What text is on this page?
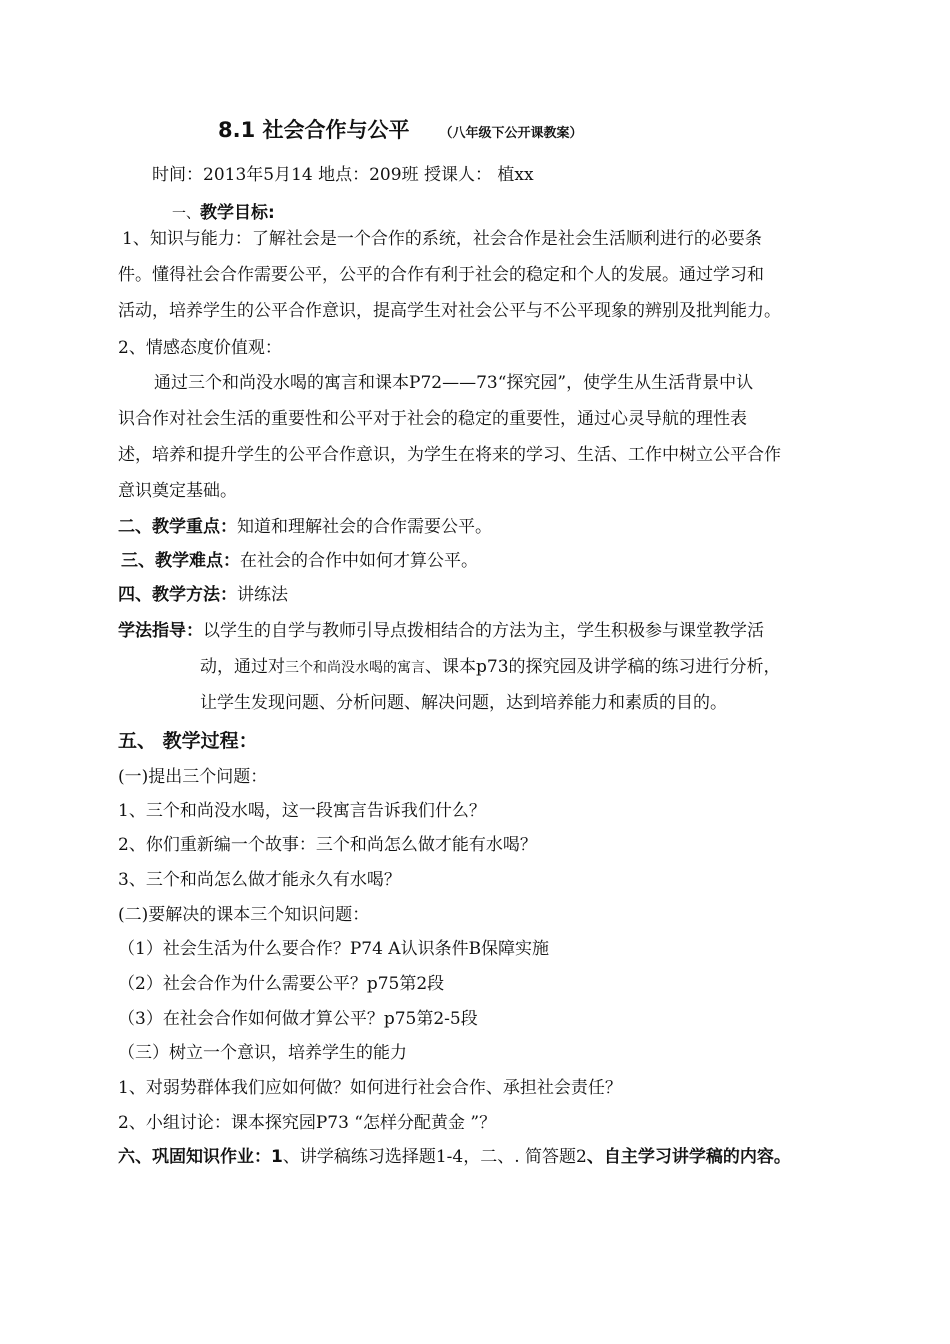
8.1 社会合作与公平 （八年级下公开课教案）
时间：2013年5月14 地点：209班 授课人： 植xx
一、教学目标:
1、知识与能力：了解社会是一个合作的系统，社会合作是社会生活顺利进行的必要条
件。懂得社会合作需要公平，公平的合作有利于社会的稳定和个人的发展。通过学习和
活动，培养学生的公平合作意识，提高学生对社会公平与不公平现象的辨别及批判能力。
2、情感态度价值观：
通过三个和尚没水喝的寓言和课本P72——73“探究园”，使学生从生活背景中认
识合作对社会生活的重要性和公平对于社会的稳定的重要性，通过心灵导航的理性表
述，培养和提升学生的公平合作意识，为学生在将来的学习、生活、工作中树立公平合作
意识奠定基础。
二、教学重点：知道和理解社会的合作需要公平。
三、教学难点：在社会的合作中如何才算公平。
四、教学方法：讲练法
学法指导：以学生的自学与教师引导点拨相结合的方法为主，学生积极参与课堂教学活
动，通过对三个和尚没水喝的寓言、课本p73的探究园及讲学稿的练习进行分析，
让学生发现问题、分析问题、解决问题，达到培养能力和素质的目的。
五、 教学过程：
(一)提出三个问题：
1、三个和尚没水喝，这一段寓言告诉我们什么？
2、你们重新编一个故事：三个和尚怎么做才能有水喝？
3、三个和尚怎么做才能永久有水喝？
(二)要解决的课本三个知识问题：
（1）社会生活为什么要合作？P74 A认识条件B保障实施
（2）社会合作为什么需要公平？p75第2段
（3）在社会合作如何做才算公平？p75第2-5段
（三）树立一个意识，培养学生的能力
1、对弱势群体我们应如何做？如何进行社会合作、承担社会责任？
2、小组讨论：课本探究园P73 “怎样分配黄金 ”？
六、巩固知识作业：1、讲学稿练习选择题1-4，二、. 简答题2、自主学习讲学稿的内容。
